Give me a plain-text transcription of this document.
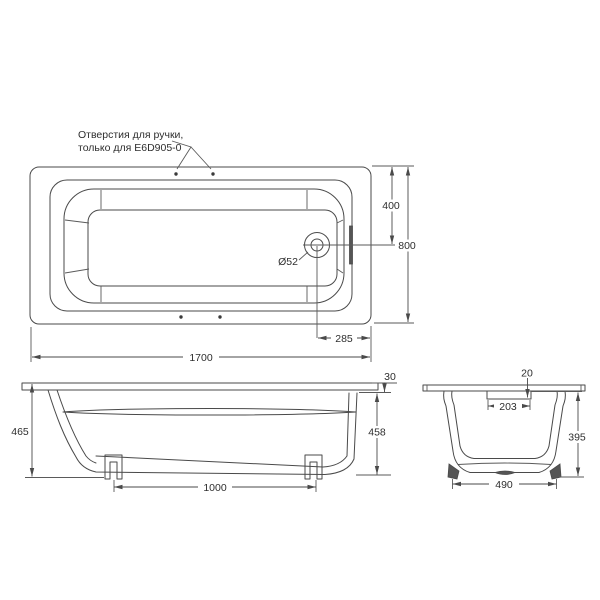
Отверстия для ручки,
только для E6D905-0
400
800
285
1700
Ø52
465
30
458
1000
20
203
395
490
